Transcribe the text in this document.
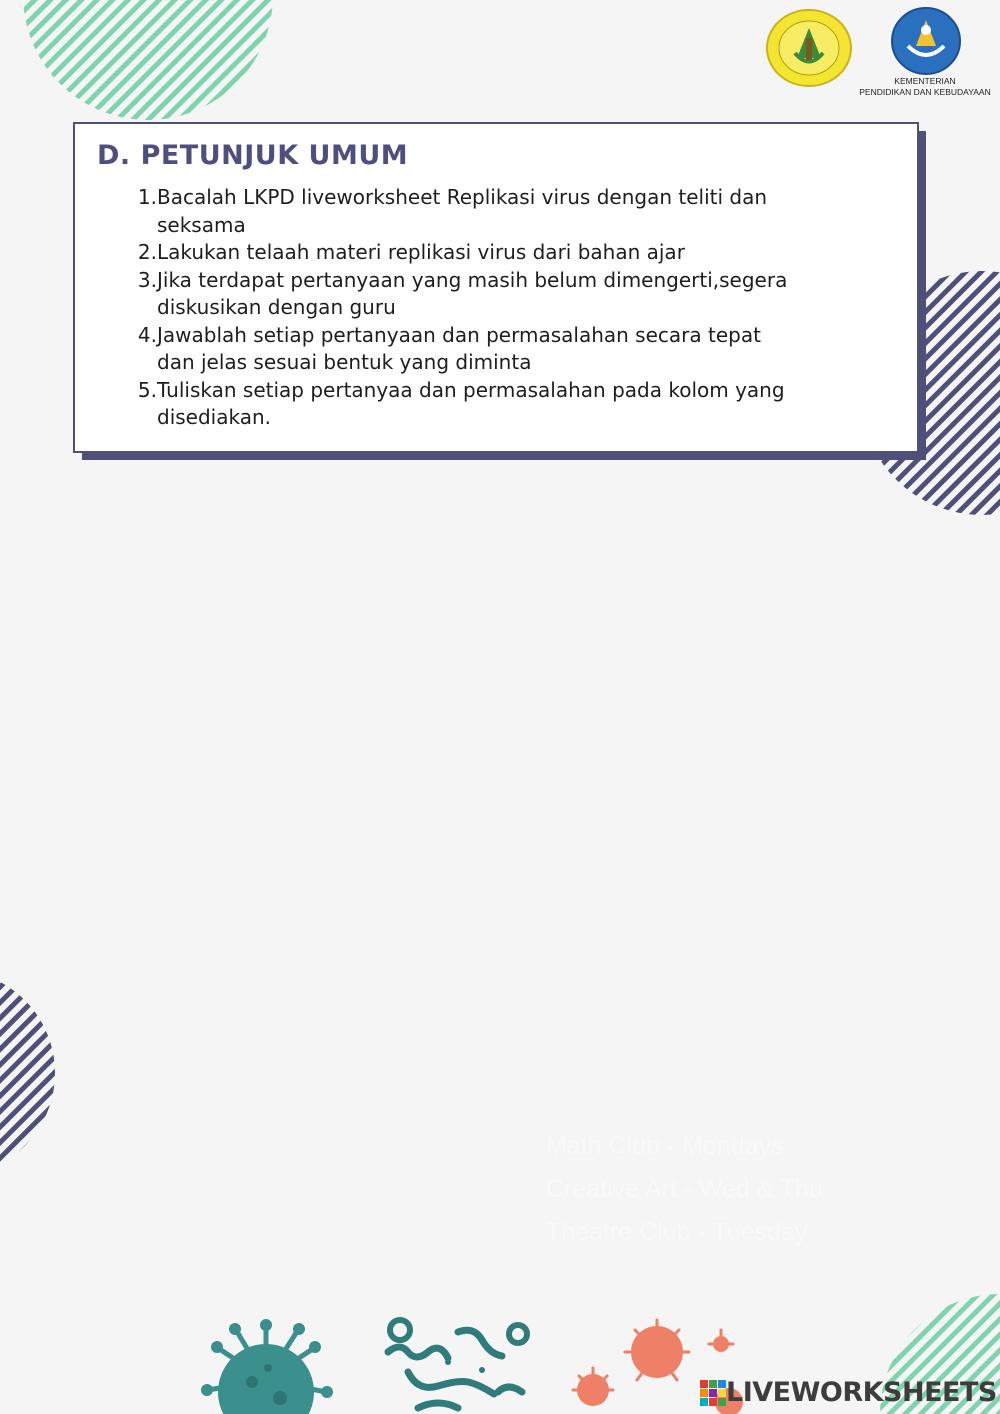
KEMENTERIAN
PENDIDIKAN DAN KEBUDAYAAN
D. PETUNJUK UMUM
1. Bacalah LKPD liveworksheet Replikasi virus dengan teliti dan
seksama
2. Lakukan telaah materi replikasi virus dari bahan ajar
3. Jika terdapat pertanyaan yang masih belum dimengerti,segera
diskusikan dengan guru
4. Jawablah setiap pertanyaan dan permasalahan secara tepat
dan jelas sesuai bentuk yang diminta
5. Tuliskan setiap pertanyaa dan permasalahan pada kolom yang
disediakan.
Math Club - Mondays
Creative Art - Wed & Thu
Theatre Club - Tuesday
LIVEWORKSHEETS
